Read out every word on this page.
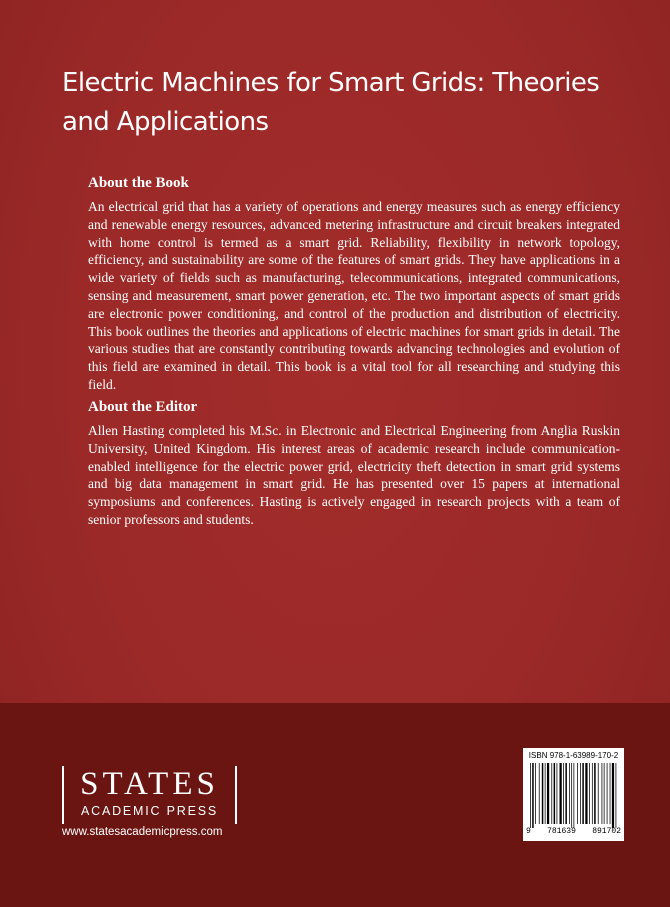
Electric Machines for Smart Grids: Theories and Applications
About the Book

An electrical grid that has a variety of operations and energy measures such as energy efficiency and renewable energy resources, advanced metering infrastructure and circuit breakers integrated with home control is termed as a smart grid. Reliability, flexibility in network topology, efficiency, and sustainability are some of the features of smart grids. They have applications in a wide variety of fields such as manufacturing, telecommunications, integrated communications, sensing and measurement, smart power generation, etc. The two important aspects of smart grids are electronic power conditioning, and control of the production and distribution of electricity. This book outlines the theories and applications of electric machines for smart grids in detail. The various studies that are constantly contributing towards advancing technologies and evolution of this field are examined in detail. This book is a vital tool for all researching and studying this field.

About the Editor

Allen Hasting completed his M.Sc. in Electronic and Electrical Engineering from Anglia Ruskin University, United Kingdom. His interest areas of academic research include communication-enabled intelligence for the electric power grid, electricity theft detection in smart grid systems and big data management in smart grid. He has presented over 15 papers at international symposiums and conferences. Hasting is actively engaged in research projects with a team of senior professors and students.

STATES
ACADEMIC PRESS
www.statesacademicpress.com
ISBN 978-1-63989-170-2
9 781639 891702
